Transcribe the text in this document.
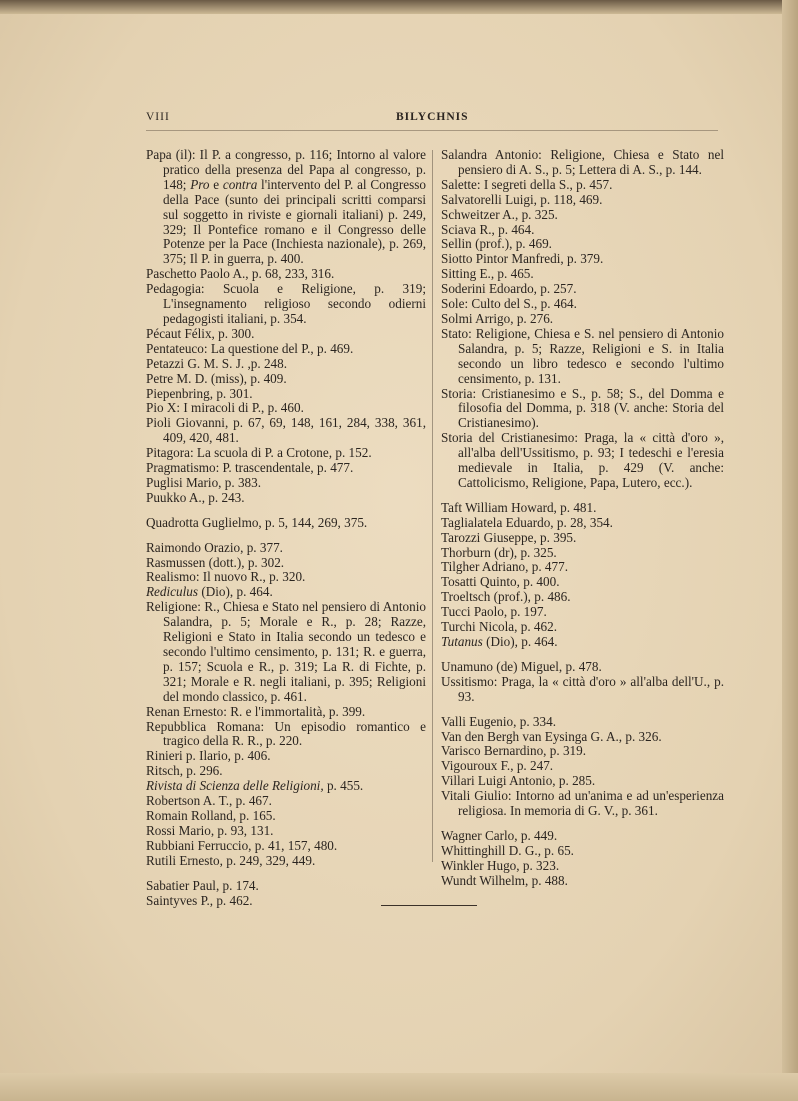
VIII	BILYCHNIS

Papa (il): Il P. a congresso, p. 116; Intorno al valore pratico della presenza del Papa al congresso, p. 148; Pro e contra l'intervento del P. al Congresso della Pace (sunto dei principali scritti comparsi sul soggetto in riviste e giornali italiani) p. 249, 329; Il Pontefice romano e il Congresso delle Potenze per la Pace (Inchiesta nazionale), p. 269, 375; Il P. in guerra, p. 400.

Paschetto Paolo A., p. 68, 233, 316.

Pedagogia: Scuola e Religione, p. 319; L'insegnamento religioso secondo odierni pedagogisti italiani, p. 354.

Pécaut Félix, p. 300.

Pentateuco: La questione del P., p. 469.

Petazzi G. M. S. J. ,p. 248.

Petre M. D. (miss), p. 409.

Piepenbring, p. 301.

Pio X: I miracoli di P., p. 460.

Pioli Giovanni, p. 67, 69, 148, 161, 284, 338, 361, 409, 420, 481.

Pitagora: La scuola di P. a Crotone, p. 152.

Pragmatismo: P. trascendentale, p. 477.

Puglisi Mario, p. 383.

Puukko A., p. 243.

Quadrotta Guglielmo, p. 5, 144, 269, 375.

Raimondo Orazio, p. 377.

Rasmussen (dott.), p. 302.

Realismo: Il nuovo R., p. 320.

Rediculus (Dio), p. 464.

Religione: R., Chiesa e Stato nel pensiero di Antonio Salandra, p. 5; Morale e R., p. 28; Razze, Religioni e Stato in Italia secondo un tedesco e secondo l'ultimo censimento, p. 131; R. e guerra, p. 157; Scuola e R., p. 319; La R. di Fichte, p. 321; Morale e R. negli italiani, p. 395; Religioni del mondo classico, p. 461.

Renan Ernesto: R. e l'immortalità, p. 399.

Repubblica Romana: Un episodio romantico e tragico della R. R., p. 220.

Rinieri p. Ilario, p. 406.

Ritsch, p. 296.

Rivista di Scienza delle Religioni, p. 455.

Robertson A. T., p. 467.

Romain Rolland, p. 165.

Rossi Mario, p. 93, 131.

Rubbiani Ferruccio, p. 41, 157, 480.

Rutili Ernesto, p. 249, 329, 449.

Sabatier Paul, p. 174.

Saintyves P., p. 462.

Salandra Antonio: Religione, Chiesa e Stato nel pensiero di A. S., p. 5; Lettera di A. S., p. 144.

Salette: I segreti della S., p. 457.

Salvatorelli Luigi, p. 118, 469.

Schweitzer A., p. 325.

Sciava R., p. 464.

Sellin (prof.), p. 469.

Siotto Pintor Manfredi, p. 379.

Sitting E., p. 465.

Soderini Edoardo, p. 257.

Sole: Culto del S., p. 464.

Solmi Arrigo, p. 276.

Stato: Religione, Chiesa e S. nel pensiero di Antonio Salandra, p. 5; Razze, Religioni e S. in Italia secondo un libro tedesco e secondo l'ultimo censimento, p. 131.

Storia: Cristianesimo e S., p. 58; S., del Domma e filosofia del Domma, p. 318 (V. anche: Storia del Cristianesimo).

Storia del Cristianesimo: Praga, la « città d'oro », all'alba dell'Ussitismo, p. 93; I tedeschi e l'eresia medievale in Italia, p. 429 (V. anche: Cattolicismo, Religione, Papa, Lutero, ecc.).

Taft William Howard, p. 481.

Taglialatela Eduardo, p. 28, 354.

Tarozzi Giuseppe, p. 395.

Thorburn (dr), p. 325.

Tilgher Adriano, p. 477.

Tosatti Quinto, p. 400.

Troeltsch (prof.), p. 486.

Tucci Paolo, p. 197.

Turchi Nicola, p. 462.

Tutanus (Dio), p. 464.

Unamuno (de) Miguel, p. 478.

Ussitismo: Praga, la « città d'oro » all'alba dell'U., p. 93.

Valli Eugenio, p. 334.

Van den Bergh van Eysinga G. A., p. 326.

Varisco Bernardino, p. 319.

Vigouroux F., p. 247.

Villari Luigi Antonio, p. 285.

Vitali Giulio: Intorno ad un'anima e ad un'esperienza religiosa. In memoria di G. V., p. 361.

Wagner Carlo, p. 449.

Whittinghill D. G., p. 65.

Winkler Hugo, p. 323.

Wundt Wilhelm, p. 488.
